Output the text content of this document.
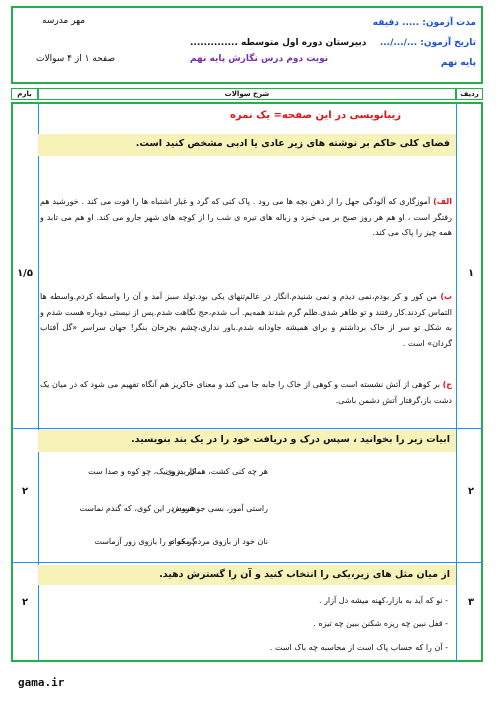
مدت آزمون: ..... دقیقه
تاریخ آزمون: .../.../...
پایه نهم
مهر مدرسه
دبیرستان دوره اول متوسطه ..............
نوبت دوم درس نگارش پایه نهم
صفحه ۱ از ۴ سوالات
ردیف
شرح سوالات
بارم
زیبانویسی در این صفحه= یک نمره
فضای کلی حاکم بر نوشته های زیر عادی یا ادبی مشخص کنید است.
۱
۱/۵
الف) آموزگاری که آلودگی جهل را از ذهن بچه ها می رود . پاک کنی که گرد و غبار اشتباه ها را فوت می کند . خورشید هم رفتگر است ، او هم هر روز صبح بر می خیزد و زباله های تیره ی شب را از کوچه های شهر جارو می کند. او هم می تابد و همه چیز را پاک می کند.
ب) من کور و کر بودم،نمی دیدم و نمی شنیدم.انگار در عالم‌تنهای یکی بود.تولد سبز آمد و آن را واسطه کردم.واسطه ها التماس کردند.کار رفتند و تو ظاهر شدی.ظلم گرم شدند همه‌یم. آب شدم،حج نگاهت شدم.پس از نیستی دوباره هست شدم و به شکل تو سر از خاک برداشتم و برای همیشه جاودانه شدم.باور نداری،چشم بچرخان بنگر! جهان سراسر «گل آفتاب گردان» است .
ج) بر کوهی از آتش نشسته است و کوهی از خاک را جابه جا می کند و معنای خاکریز هم آنگاه تفهیم می شود که در میان یک دشت باز،گرفتار آتش دشمن باشی.
ابیات زیر را بخوانید ، سپس درک و دریافت خود را در یک بند بنویسید.
۲
۲
هر چه کنی کشت، همان بدروی
کار بد و نیک، چو کوه و صدا ست
راستی آموز، بسی جو فروش
هست در این کوی، که گندم نماست
نان خود از بازوی مردم مخواه
گر که تو را بازوی زور آزماست
از میان مثل های زیر،یکی را انتخاب کنید و آن را گسترش دهید.
۳
۲	- نو که آید به بازار،کهنه میشه دل آزار .
- قفل نبین چه ریزه شکنن ببین چه تیزه .
- آن را که حساب پاک است از محاسبه چه باک است .
gama.ir
